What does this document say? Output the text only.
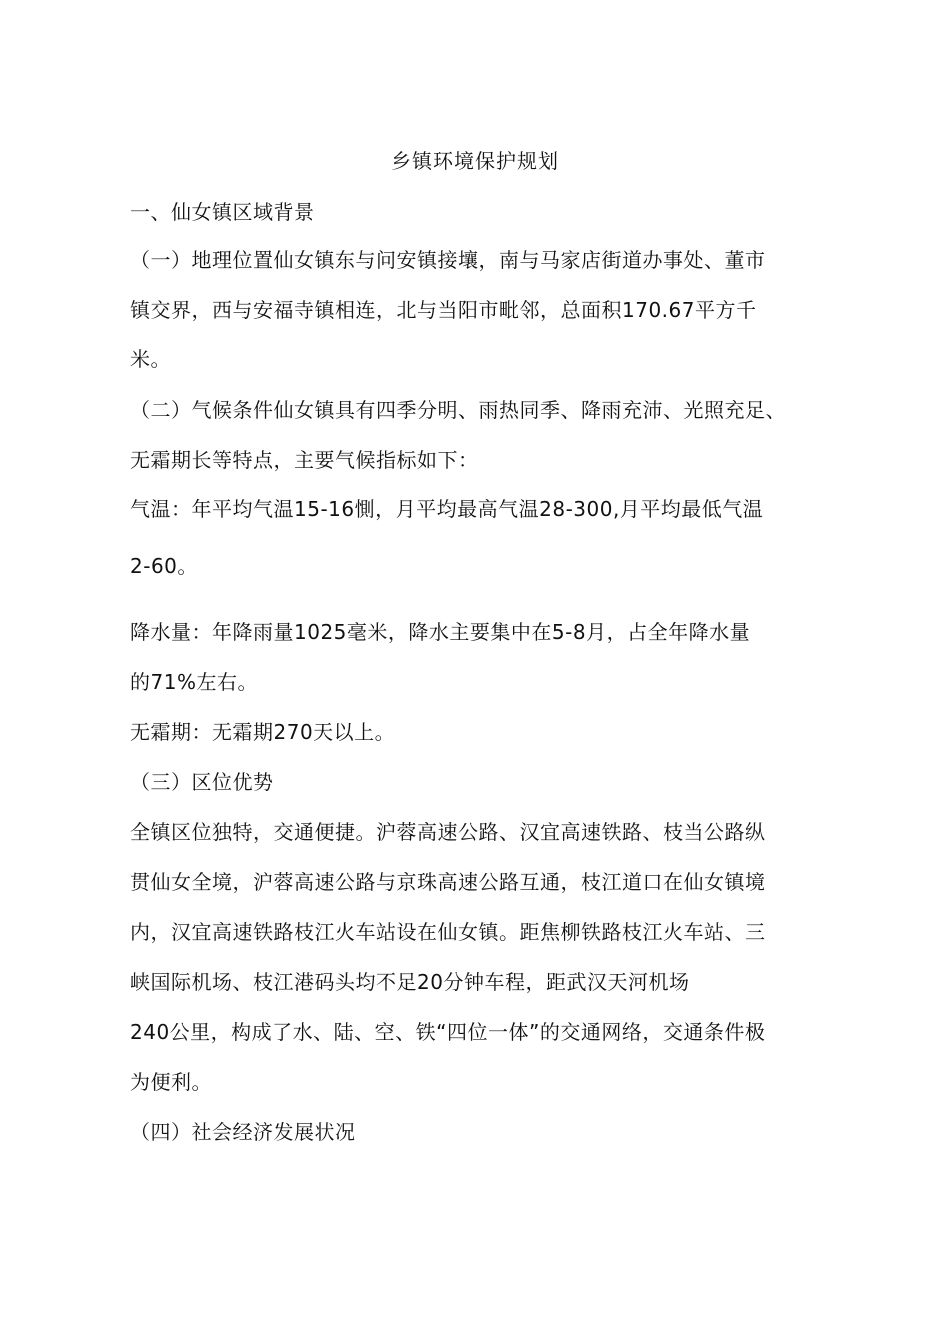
乡镇环境保护规划
一、仙女镇区域背景
（一）地理位置仙女镇东与问安镇接壤，南与马家店街道办事处、董市
镇交界，西与安福寺镇相连，北与当阳市毗邻，总面积170.67平方千
米。
（二）气候条件仙女镇具有四季分明、雨热同季、降雨充沛、光照充足、
无霜期长等特点，主要气候指标如下：
气温：年平均气温15-16惻，月平均最高气温28-300,月平均最低气温
2-60。
降水量：年降雨量1025毫米，降水主要集中在5-8月，占全年降水量
的71%左右。
无霜期：无霜期270天以上。
（三）区位优势
全镇区位独特，交通便捷。沪蓉高速公路、汉宜高速铁路、枝当公路纵
贯仙女全境，沪蓉高速公路与京珠高速公路互通，枝江道口在仙女镇境
内，汉宜高速铁路枝江火车站设在仙女镇。距焦柳铁路枝江火车站、三
峡国际机场、枝江港码头均不足20分钟车程，距武汉天河机场
240公里，构成了水、陆、空、铁“四位一体”的交通网络，交通条件极
为便利。
（四）社会经济发展状况
